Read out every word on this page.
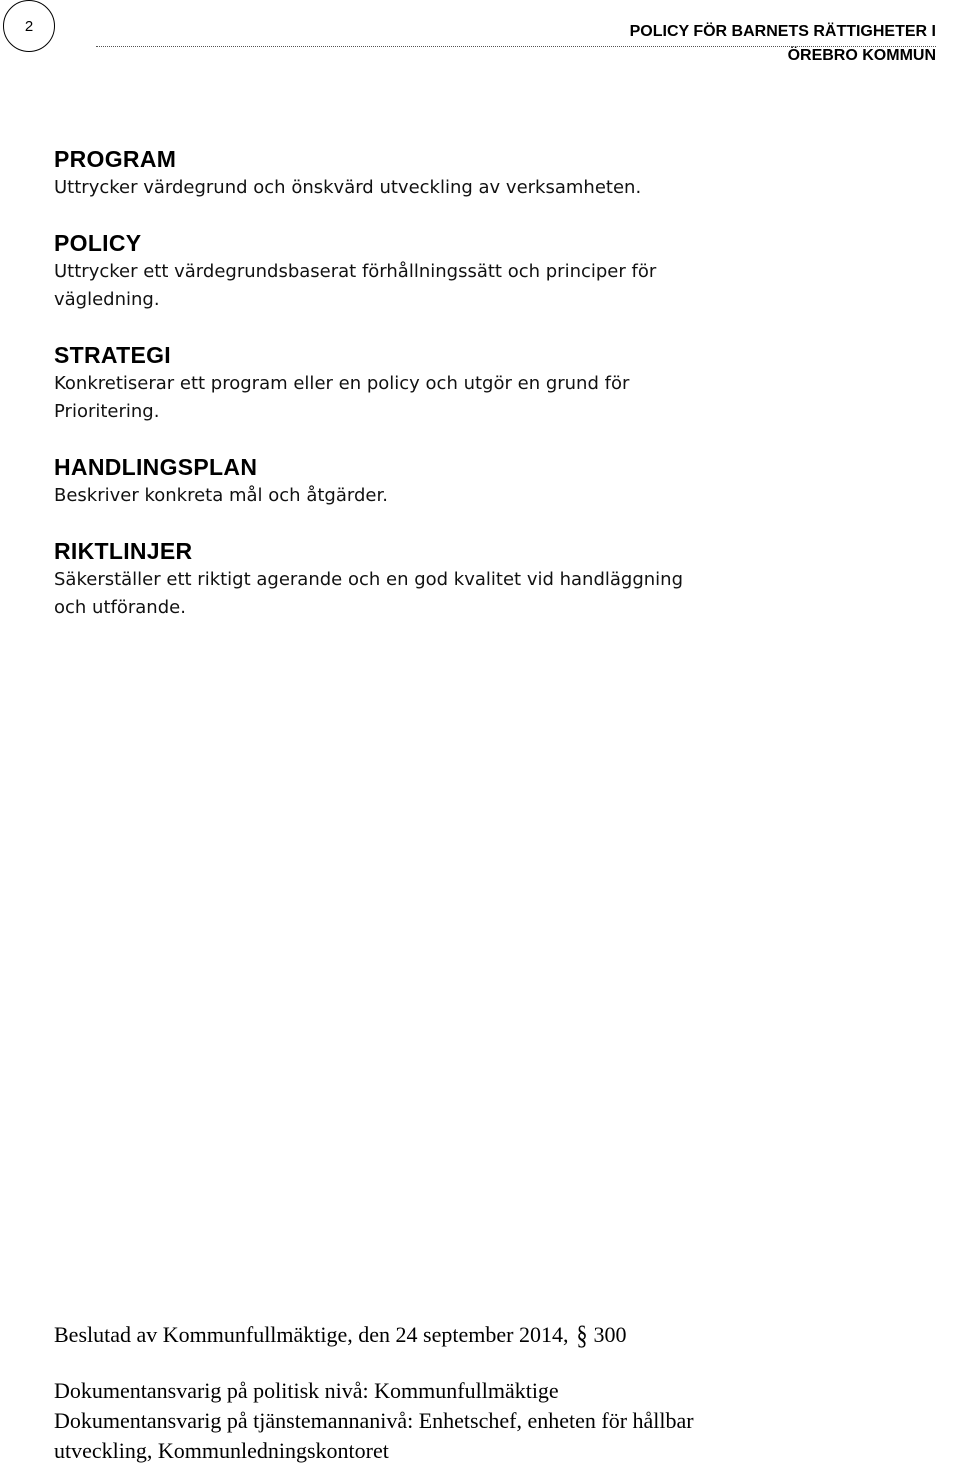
2	POLICY FÖR BARNETS RÄTTIGHETER I
ÖREBRO KOMMUN
PROGRAM
Uttrycker värdegrund och önskvärd utveckling av verksamheten.
POLICY
Uttrycker ett värdegrundsbaserat förhållningssätt och principer för
vägledning.
STRATEGI
Konkretiserar ett program eller en policy och utgör en grund för
Prioritering.
HANDLINGSPLAN
Beskriver konkreta mål och åtgärder.
RIKTLINJER
Säkerställer ett riktigt agerande och en god kvalitet vid handläggning
och utförande.
Beslutad av Kommunfullmäktige, den 24 september 2014, § 300
Dokumentansvarig på politisk nivå: Kommunfullmäktige
Dokumentansvarig på tjänstemannanivå: Enhetschef, enheten för hållbar
utveckling, Kommunledningskontoret
